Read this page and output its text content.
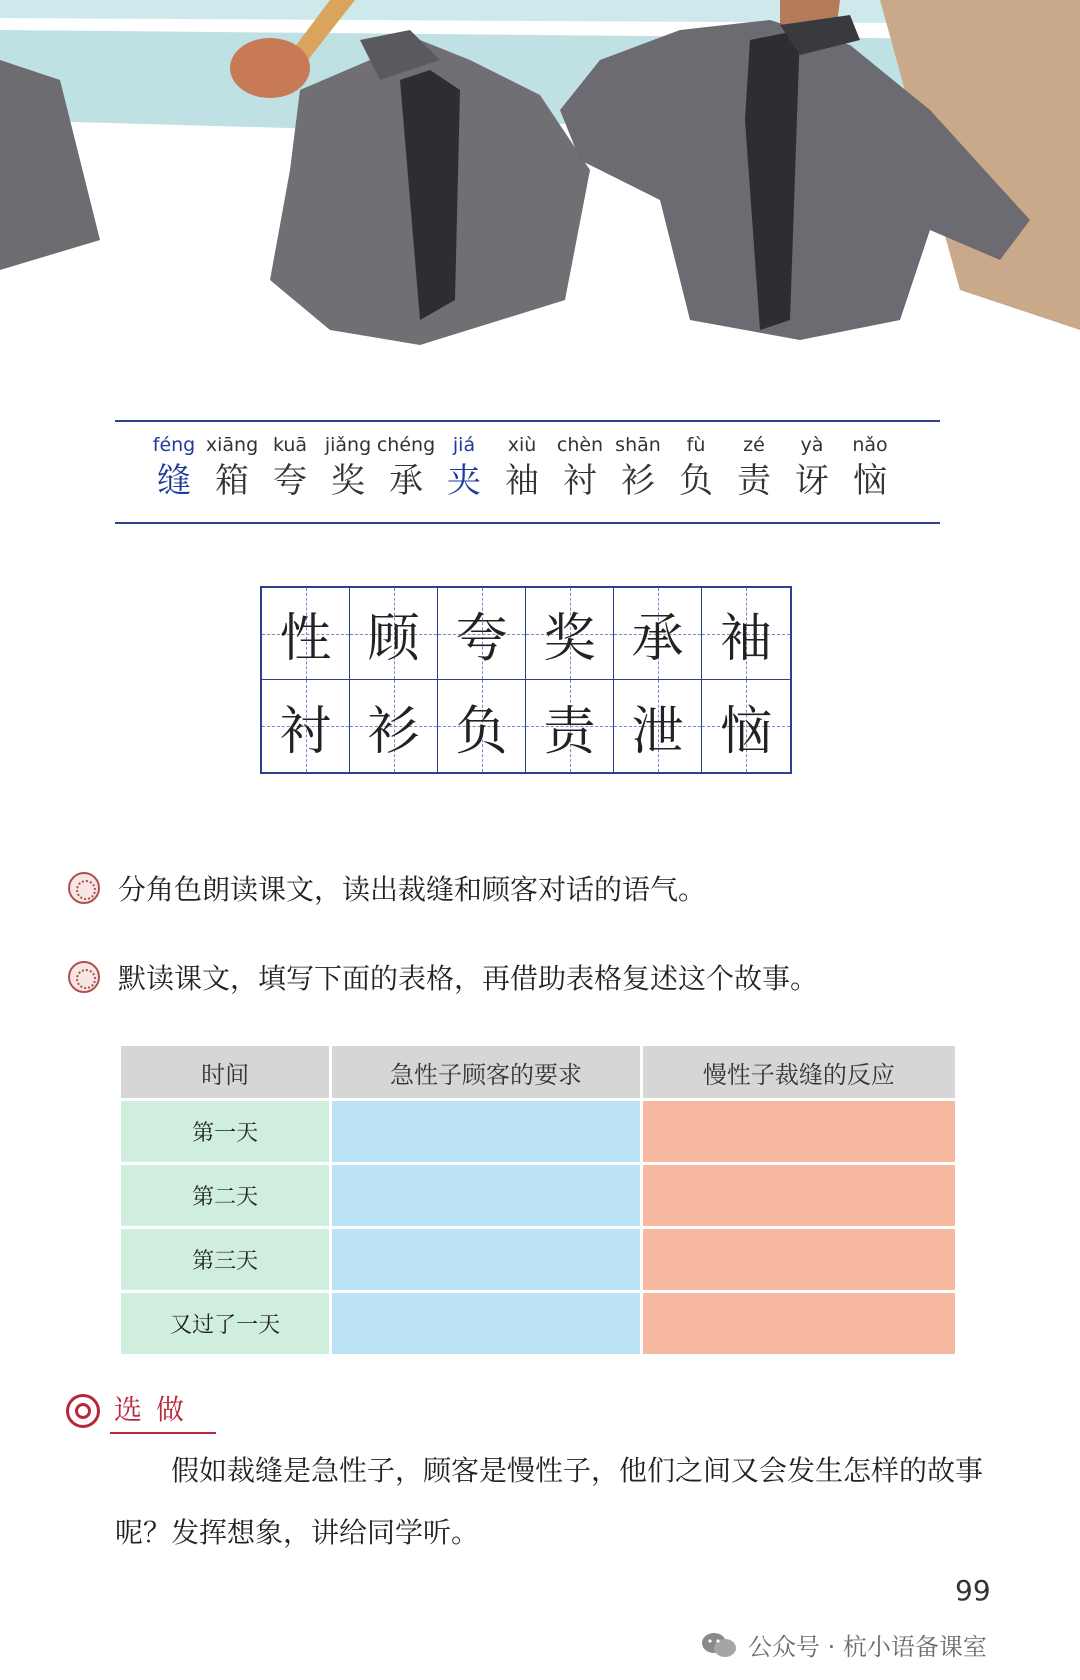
féng
缝
xiāng
箱
kuā
夸
jiǎng
奖
chéng
承
jiá
夹
xiù
袖
chèn
衬
shān
衫
fù
负
zé
责
yà
讶
nǎo
恼
性 顾 夸 奖 承 袖
衬 衫 负 责 泄 恼
分角色朗读课文，读出裁缝和顾客对话的语气。
默读课文，填写下面的表格，再借助表格复述这个故事。
时间	急性子顾客的要求	慢性子裁缝的反应
第一天		
第二天		
第三天		
又过了一天		
选做
假如裁缝是急性子，顾客是慢性子，他们之间又会发生怎样的故事呢？发挥想象，讲给同学听。
99
公众号 · 杭小语备课室
